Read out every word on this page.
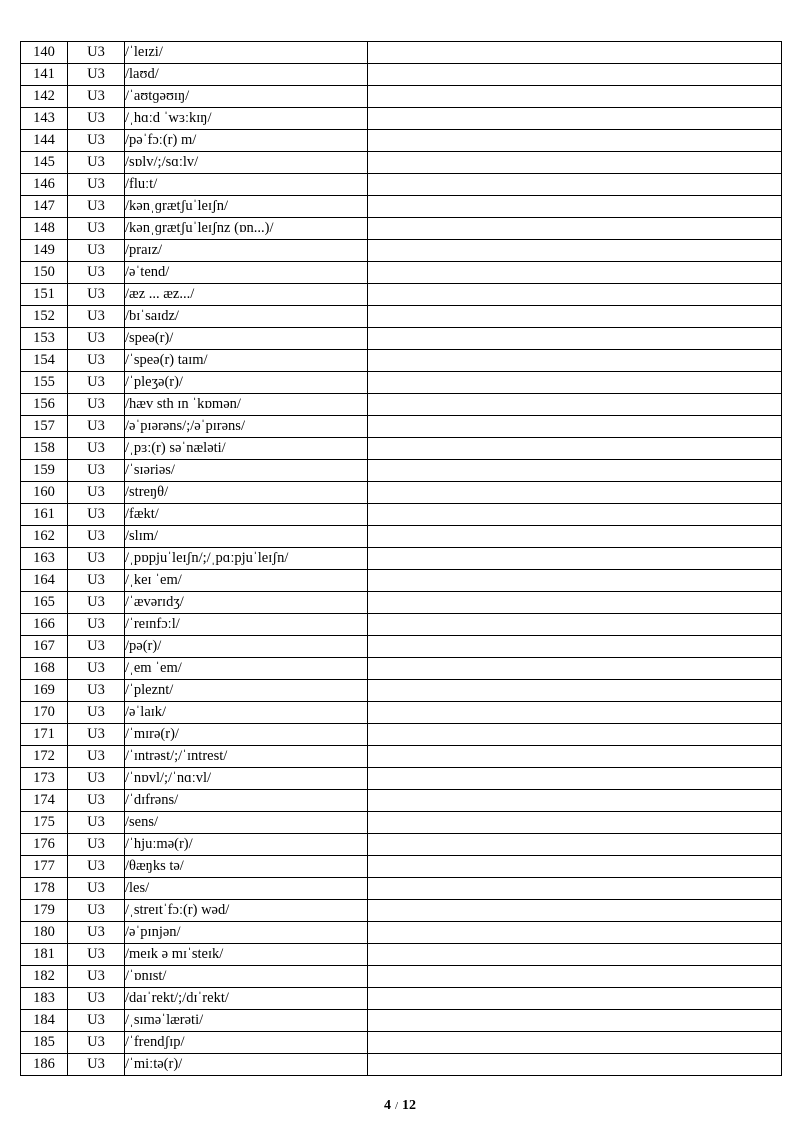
140	U3	/ˈleɪzi/	
141	U3	/laʊd/	
142	U3	/ˈaʊtɡəʊɪŋ/	
143	U3	/ˌhɑːd ˈwɜːkɪŋ/	
144	U3	/pəˈfɔː(r) m/	
145	U3	/sɒlv/;/sɑːlv/	
146	U3	/fluːt/	
147	U3	/kənˌɡrætʃuˈleɪʃn/	
148	U3	/kənˌɡrætʃuˈleɪʃnz (ɒn...)/	
149	U3	/praɪz/	
150	U3	/əˈtend/	
151	U3	/æz ... æz.../	
152	U3	/bɪˈsaɪdz/	
153	U3	/speə(r)/	
154	U3	/ˈspeə(r) taɪm/	
155	U3	/ˈpleʒə(r)/	
156	U3	/hæv sth ɪn ˈkɒmən/	
157	U3	/əˈpɪərəns/;/əˈpɪrəns/	
158	U3	/ˌpɜː(r) səˈnæləti/	
159	U3	/ˈsɪəriəs/	
160	U3	/streŋθ/	
161	U3	/fækt/	
162	U3	/slɪm/	
163	U3	/ˌpɒpjuˈleɪʃn/;/ˌpɑːpjuˈleɪʃn/	
164	U3	/ˌkeɪ ˈem/	
165	U3	/ˈævərɪdʒ/	
166	U3	/ˈreɪnfɔːl/	
167	U3	/pə(r)/	
168	U3	/ˌem ˈem/	
169	U3	/ˈpleznt/	
170	U3	/əˈlaɪk/	
171	U3	/ˈmɪrə(r)/	
172	U3	/ˈɪntrəst/;/ˈɪntrest/	
173	U3	/ˈnɒvl/;/ˈnɑːvl/	
174	U3	/ˈdɪfrəns/	
175	U3	/sens/	
176	U3	/ˈhjuːmə(r)/	
177	U3	/θæŋks tə/	
178	U3	/les/	
179	U3	/ˌstreɪtˈfɔː(r) wəd/	
180	U3	/əˈpɪnjən/	
181	U3	/meɪk ə mɪˈsteɪk/	
182	U3	/ˈɒnɪst/	
183	U3	/daɪˈrekt/;/dɪˈrekt/	
184	U3	/ˌsɪməˈlærəti/	
185	U3	/ˈfrendʃɪp/	
186	U3	/ˈmiːtə(r)/	
4 / 12
